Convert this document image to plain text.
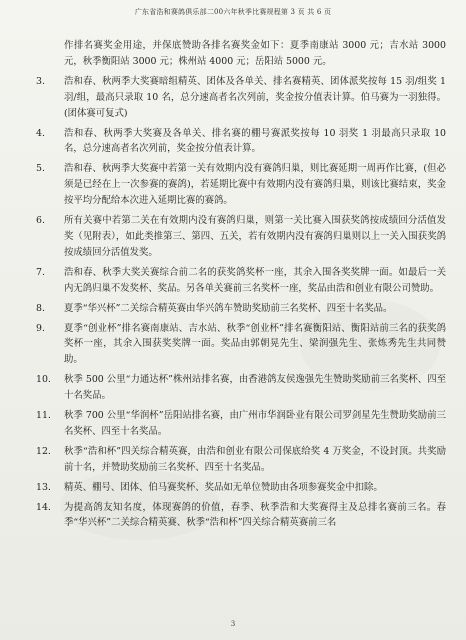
广东省浩和赛鸽俱乐部二00六年秋季比赛规程第 3 页 共 6 页
作排名赛奖金用途，并保底赞助各排名赛奖金如下：夏季南康站 3000 元；吉水站 3000 元，秋季衡阳站 3000 元；株州站 4000 元；岳阳站 5000 元。
3.	浩和春、秋两季大奖赛暗组精英、团体及各单关、排名赛精英、团体派奖按每 15 羽/组奖 1 羽/组，最高只录取 10 名，总分速高者名次列前，奖金按分值表计算。伯马赛为一羽独得。(团体赛可复式)
4.	浩和春、秋两季大奖赛及各单关、排名赛的棚号赛派奖按每 10 羽奖 1 羽最高只录取 10 名，总分速高者名次列前，奖金按分值表计算。
5.	浩和春、秋两季大奖赛中若第一关有效期内没有赛鸽归巢，则比赛延期一周再作比赛，(但必须是已经在上一次参赛的赛鸽)，若延期比赛中有效期内没有赛鸽归巢，则该比赛结束，奖金按平均分配给本次进入延期比赛的赛鸽。
6.	所有关赛中若第二关在有效期内没有赛鸽归巢，则第一关比赛入围获奖鸽按成绩回分活值发奖（见附表），如此类推第三、第四、五关，若有效期内没有赛鸽归巢则以上一关入围获奖鸽按成绩回分活值发奖。
7.	浩和春、秋季大奖关赛综合前二名的获奖鸽奖杯一座，其余入围各奖奖牌一面。如最后一关内无鸽归巢不发奖杯、奖品。另各单关赛前三名奖杯一座，奖品由浩和创业有限公司赞助。
8.	夏季“华兴杯”二关综合精英赛由华兴鸽车赞助奖励前三名奖杯、四至十名奖品。
9.	夏季“创业杯”排名赛南康站、吉水站、秋季“创业杯”排名赛衡阳站、衡阳站前三名的获奖鸽奖杯一座，其余入围获奖奖牌一面。奖品由郭朝晃先生、梁润强先生、张炼秀先生共同赞助。
10.	秋季 500 公里“力通达杯”株州站排名赛，由香港鸽友侯逸强先生赞助奖励前三名奖杯、四至十名奖品。
11.	秋季 700 公里“华润杯”岳阳站排名赛，由广州市华润卧业有限公司罗剑星先生赞助奖励前三名奖杯、四至十名奖品。
12.	秋季“浩和杯”四关综合精英赛，由浩和创业有限公司保底给奖 4 万奖金，不设封顶。共奖励前十名，并赞助奖励前三名奖杯、四至十名奖品。
13.	精英、棚号、团体、伯马赛奖杯、奖品如无单位赞助由各项参赛奖金中扣除。
14.	为提高鸽友知名度，体现赛鸽的价值，春季、秋季浩和大奖赛得主及总排名赛前三名。春季“华兴杯”二关综合精英赛、秋季“浩和杯”四关综合精英赛前三名
3
